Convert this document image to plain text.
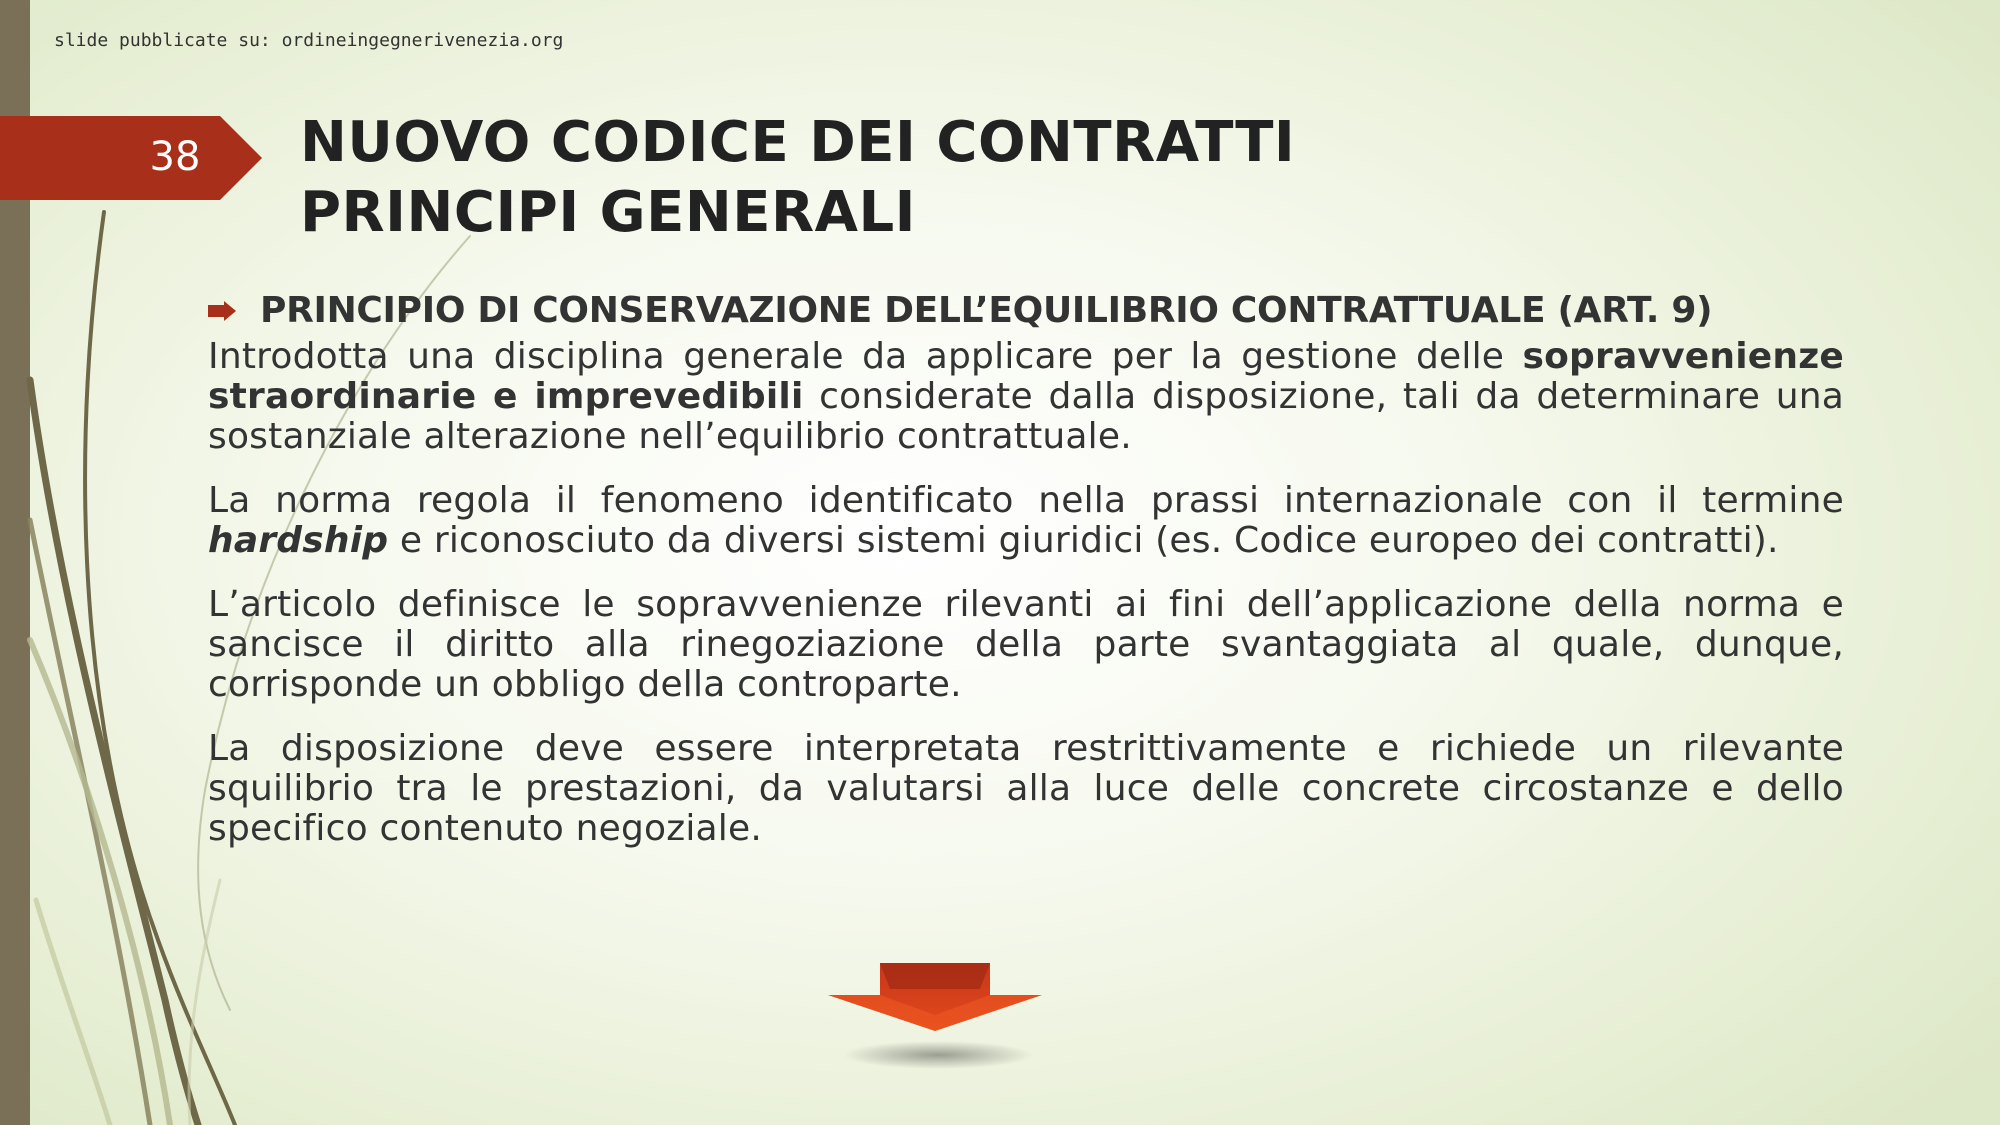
slide pubblicate su: ordineingegnerivenezia.org
38 NUOVO CODICE DEI CONTRATTI
PRINCIPI GENERALI
PRINCIPIO DI CONSERVAZIONE DELL’EQUILIBRIO CONTRATTUALE (ART. 9)

Introdotta una disciplina generale da applicare per la gestione delle sopravvenienze straordinarie e imprevedibili considerate dalla disposizione, tali da determinare una sostanziale alterazione nell’equilibrio contrattuale.

La norma regola il fenomeno identificato nella prassi internazionale con il termine hardship e riconosciuto da diversi sistemi giuridici (es. Codice europeo dei contratti).

L’articolo definisce le sopravvenienze rilevanti ai fini dell’applicazione della norma e sancisce il diritto alla rinegoziazione della parte svantaggiata al quale, dunque, corrisponde un obbligo della controparte.

La disposizione deve essere interpretata restrittivamente e richiede un rilevante squilibrio tra le prestazioni, da valutarsi alla luce delle concrete circostanze e dello specifico contenuto negoziale.
